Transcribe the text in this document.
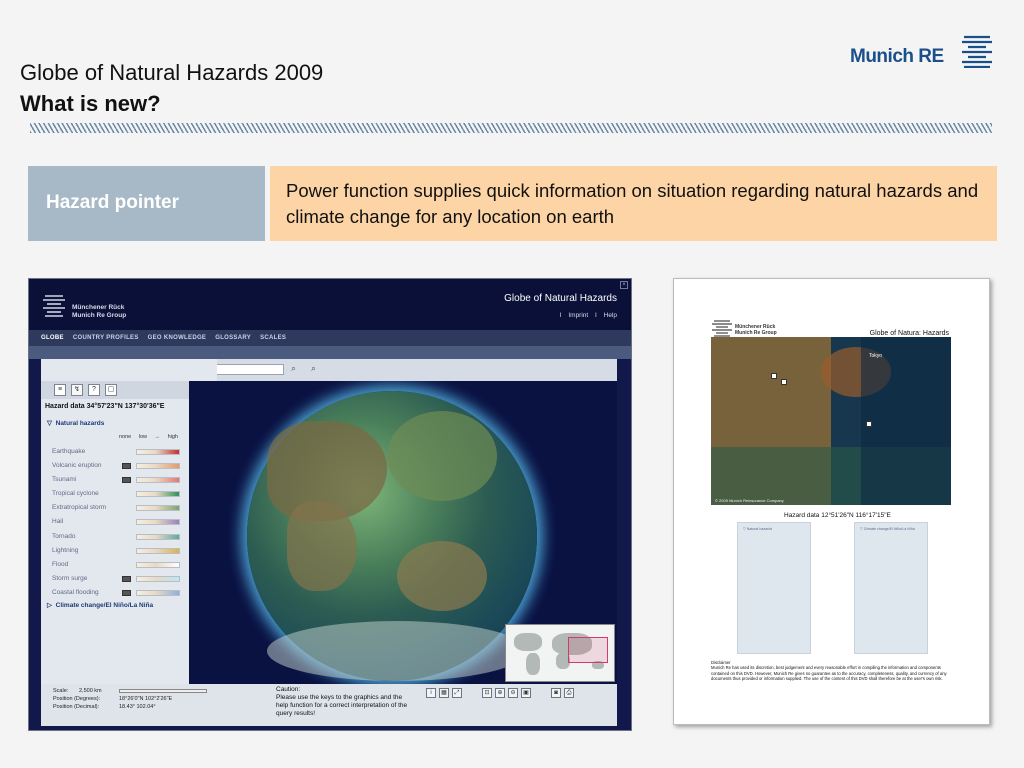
Globe of Natural Hazards 2009
What is new?
Munich RE
Hazard pointer
Power function supplies quick information on situation regarding natural hazards and climate change for any location on earth
Münchener Rück
Munich Re Group
Globe of Natural Hazards
I Imprint I Help
×
GLOBE COUNTRY PROFILES GEO KNOWLEDGE GLOSSARY SCALES
⌕ ⌕
≡	↯	?	▢
Hazard data 34°57'23"N 137°30'36"E
▽  Natural hazards
none low → high
Earthquake
Volcanic eruption
Tsunami
Tropical cyclone
Extratropical storm
Hail
Tornado
Lightning
Flood
Storm surge
Coastal flooding
▷  Climate change/El Niño/La Niña
Scale: 2,500 km
Position (Degrees):	18°26'0"N 102°2'26"E
Position (Decimal):	18.43° 102.04°
Caution:
Please use the keys to the graphics and the help function for a correct interpretation of the query results!
i	▦	⤢	⊡	⊕	⊖	▣	◙	⎙
Münchener Rück
Munich Re Group	Globe of Natura: Hazards
Tokyo
© 2009 Munich Reinsurance Company
Hazard data 12°51'26"N 116°17'15"E
▽ Natural hazards	▽ Climate change/El Niño/La Niña
Disclaimer
Munich Re has used its discretion, best judgement and every reasonable effort in compiling the information and components contained on this DVD. However, Munich Re gives no guarantee as to the accuracy, completeness, quality, and currency of any documents thus provided or information supplied. The use of the content of this DVD shall therefore be at the user's own risk.
